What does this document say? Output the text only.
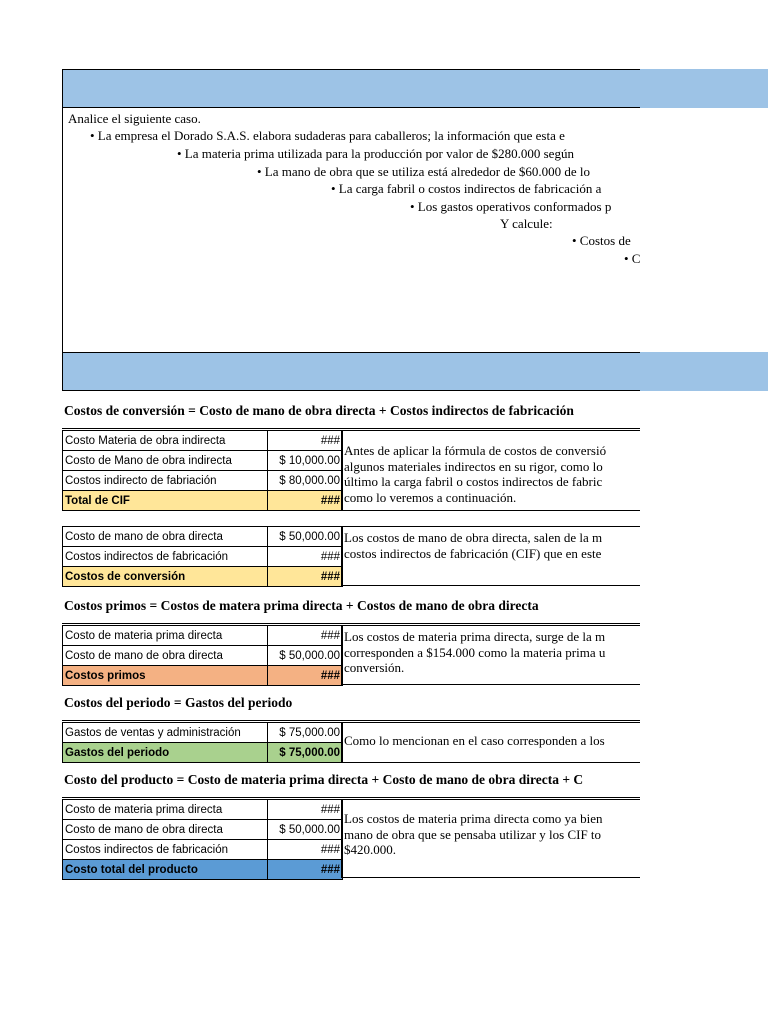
Analice el siguiente caso.
• La empresa el Dorado S.A.S. elabora sudaderas para caballeros; la información que esta e
• La materia prima utilizada para la producción por valor de $280.000 según
• La mano de obra que se utiliza está alrededor de $60.000 de lo
• La carga fabril o costos indirectos de fabricación a
• Los gastos operativos conformados p
Y calcule:
• Costos de
• C
Costos de conversión = Costo de mano de obra directa + Costos indirectos de fabricación
Costo Materia de obra indirecta	###
Costo de Mano de obra indirecta	$ 10,000.00
Costos indirecto de fabriación	$ 80,000.00
Total de CIF	###
Antes de aplicar la fórmula de costos de conversió
algunos materiales indirectos en su rigor, como lo
último la carga fabril o costos indirectos de fabric
como lo veremos a continuación.
Costo de mano de obra directa	$ 50,000.00
Costos indirectos de fabricación	###
Costos de conversión	###
Los costos de mano de obra directa, salen de la m
costos indirectos de fabricación (CIF) que en este
Costos primos = Costos de matera prima directa + Costos de mano de obra directa
Costo de materia prima directa	###
Costo de mano de obra directa	$ 50,000.00
Costos primos	###
Los costos de materia prima directa, surge de la m
corresponden a $154.000 como la materia prima u
conversión.
Costos del periodo = Gastos del periodo
Gastos de ventas y administración	$ 75,000.00
Gastos del periodo	$ 75,000.00
Como lo mencionan en el caso corresponden a los
Costo del producto = Costo de materia prima directa + Costo de mano de obra directa + C
Costo de materia prima directa	###
Costo de mano de obra directa	$ 50,000.00
Costos indirectos de fabricación	###
Costo total del producto	###
Los costos de materia prima directa como ya bien
mano de obra que se pensaba utilizar y los CIF to
$420.000.
